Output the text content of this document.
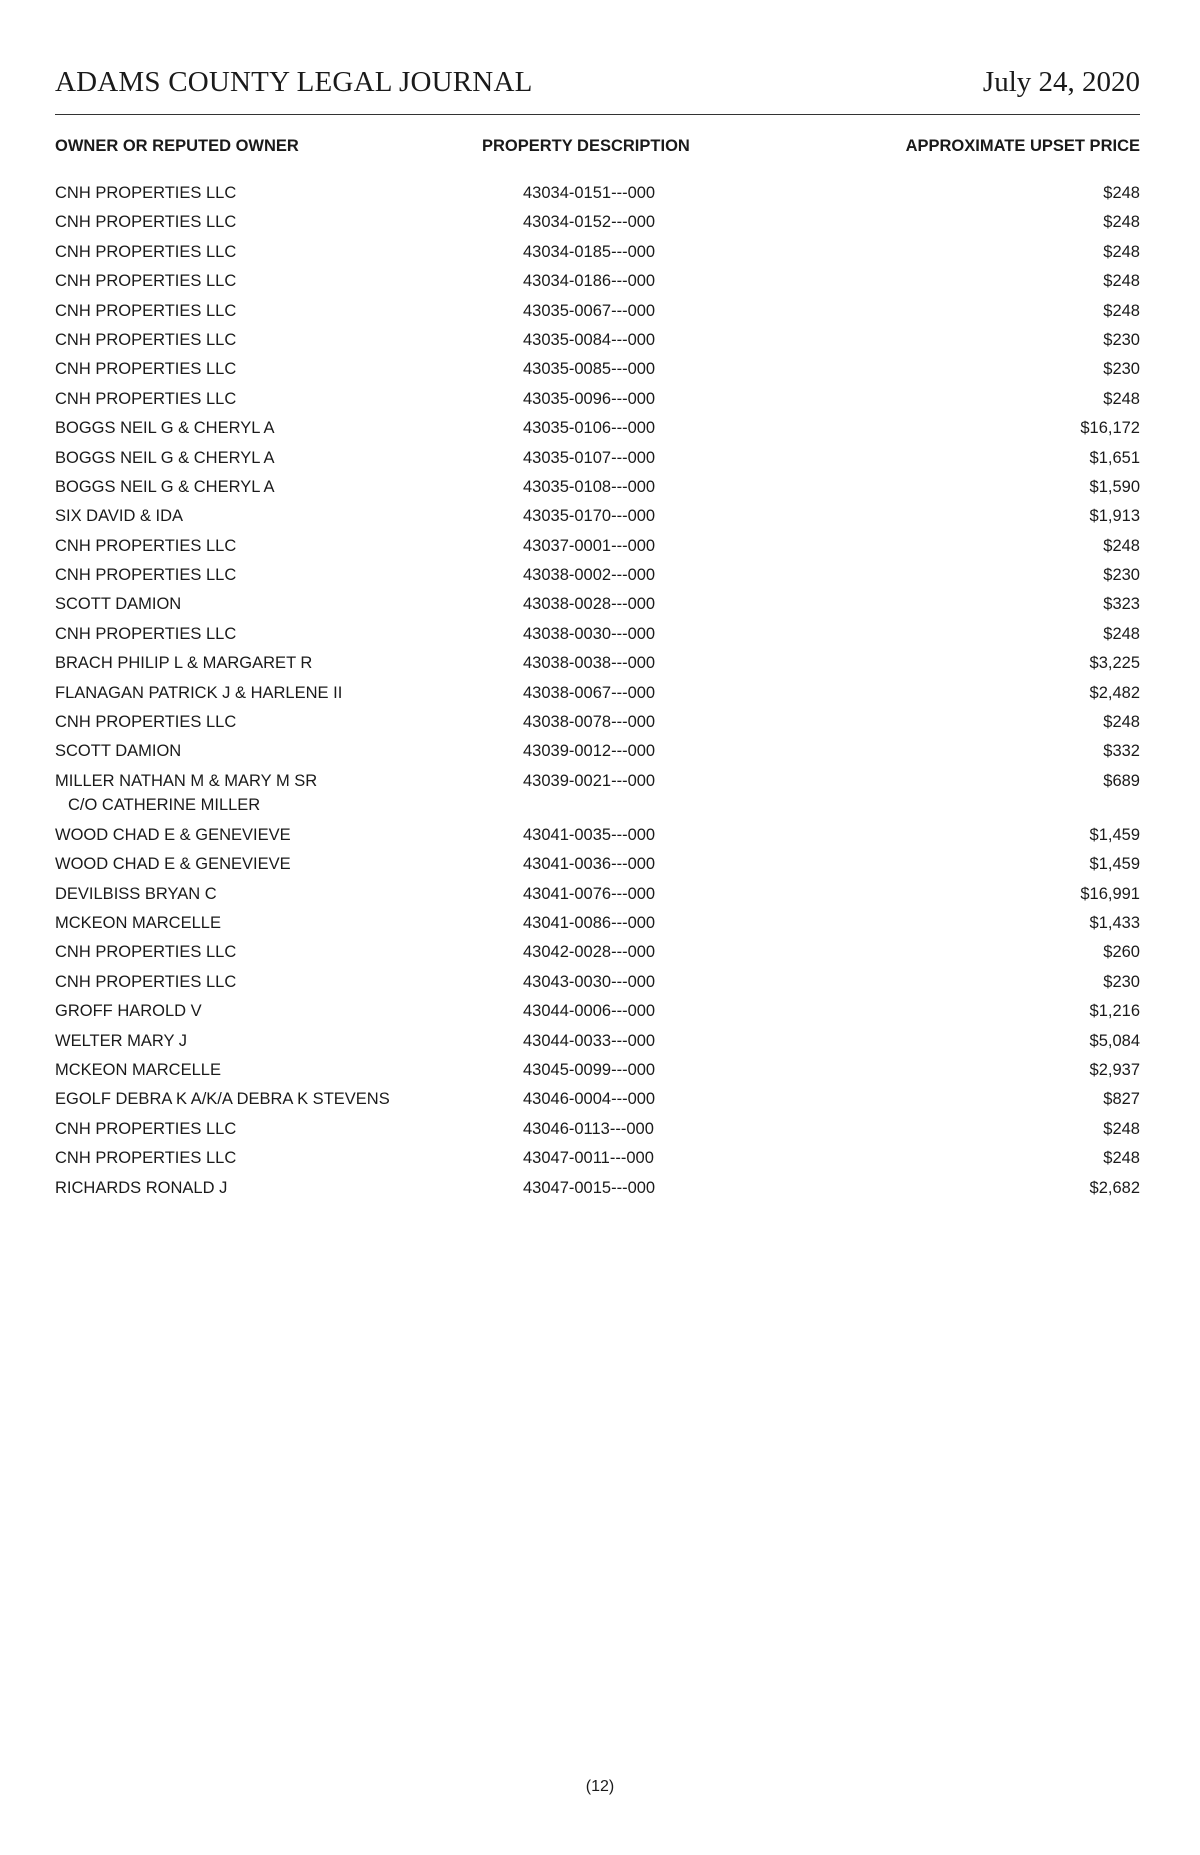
ADAMS COUNTY LEGAL JOURNAL	July 24, 2020
OWNER OR REPUTED OWNER	PROPERTY DESCRIPTION	APPROXIMATE UPSET PRICE
CNH PROPERTIES LLC	43034-0151---000	$248
CNH PROPERTIES LLC	43034-0152---000	$248
CNH PROPERTIES LLC	43034-0185---000	$248
CNH PROPERTIES LLC	43034-0186---000	$248
CNH PROPERTIES LLC	43035-0067---000	$248
CNH PROPERTIES LLC	43035-0084---000	$230
CNH PROPERTIES LLC	43035-0085---000	$230
CNH PROPERTIES LLC	43035-0096---000	$248
BOGGS NEIL G & CHERYL A	43035-0106---000	$16,172
BOGGS NEIL G & CHERYL A	43035-0107---000	$1,651
BOGGS NEIL G & CHERYL A	43035-0108---000	$1,590
SIX DAVID & IDA	43035-0170---000	$1,913
CNH PROPERTIES LLC	43037-0001---000	$248
CNH PROPERTIES LLC	43038-0002---000	$230
SCOTT DAMION	43038-0028---000	$323
CNH PROPERTIES LLC	43038-0030---000	$248
BRACH PHILIP L & MARGARET R	43038-0038---000	$3,225
FLANAGAN PATRICK J & HARLENE II	43038-0067---000	$2,482
CNH PROPERTIES LLC	43038-0078---000	$248
SCOTT DAMION	43039-0012---000	$332
MILLER NATHAN M & MARY M SR
C/O CATHERINE MILLER
43039-0021---000	$689
WOOD CHAD E & GENEVIEVE	43041-0035---000	$1,459
WOOD CHAD E & GENEVIEVE	43041-0036---000	$1,459
DEVILBISS BRYAN C	43041-0076---000	$16,991
MCKEON MARCELLE	43041-0086---000	$1,433
CNH PROPERTIES LLC	43042-0028---000	$260
CNH PROPERTIES LLC	43043-0030---000	$230
GROFF HAROLD V	43044-0006---000	$1,216
WELTER MARY J	43044-0033---000	$5,084
MCKEON MARCELLE	43045-0099---000	$2,937
EGOLF DEBRA K A/K/A DEBRA K STEVENS	43046-0004---000	$827
CNH PROPERTIES LLC	43046-0113---000	$248
CNH PROPERTIES LLC	43047-0011---000	$248
RICHARDS RONALD J	43047-0015---000	$2,682
(12)
